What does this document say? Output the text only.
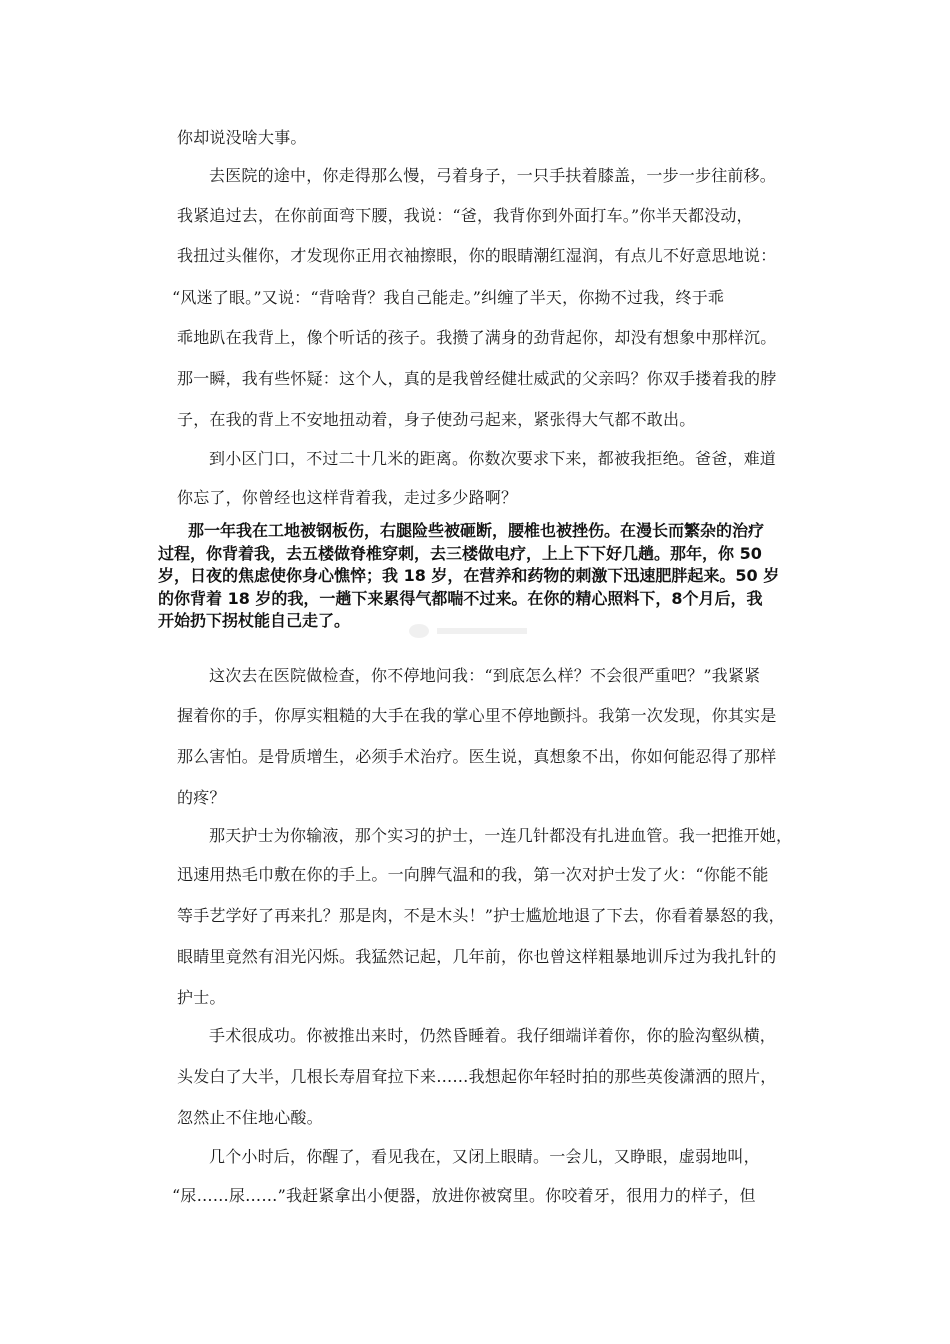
你却说没啥大事。
去医院的途中，你走得那么慢，弓着身子，一只手扶着膝盖，一步一步往前移。
我紧追过去，在你前面弯下腰，我说：“爸，我背你到外面打车。”你半天都没动，
我扭过头催你，才发现你正用衣袖擦眼，你的眼睛潮红湿润，有点儿不好意思地说：
“风迷了眼。”又说：“背啥背？我自己能走。”纠缠了半天，你拗不过我，终于乖
乖地趴在我背上，像个听话的孩子。我攒了满身的劲背起你，却没有想象中那样沉。
那一瞬，我有些怀疑：这个人，真的是我曾经健壮威武的父亲吗？你双手搂着我的脖
子，在我的背上不安地扭动着，身子使劲弓起来，紧张得大气都不敢出。
到小区门口，不过二十几米的距离。你数次要求下来，都被我拒绝。爸爸，难道
你忘了，你曾经也这样背着我，走过多少路啊？
那一年我在工地被钢板伤，右腿险些被砸断，腰椎也被挫伤。在漫长而繁杂的治疗
过程，你背着我，去五楼做脊椎穿刺，去三楼做电疗，上上下下好几趟。那年，你 50
岁，日夜的焦虑使你身心憔悴；我 18 岁，在营养和药物的刺激下迅速肥胖起来。50 岁
的你背着 18 岁的我，一趟下来累得气都喘不过来。在你的精心照料下，8个月后，我
开始扔下拐杖能自己走了。
这次去在医院做检查，你不停地问我：“到底怎么样？不会很严重吧？”我紧紧
握着你的手，你厚实粗糙的大手在我的掌心里不停地颤抖。我第一次发现，你其实是
那么害怕。是骨质增生，必须手术治疗。医生说，真想象不出，你如何能忍得了那样
的疼？
那天护士为你输液，那个实习的护士，一连几针都没有扎进血管。我一把推开她，
迅速用热毛巾敷在你的手上。一向脾气温和的我，第一次对护士发了火：“你能不能
等手艺学好了再来扎？那是肉，不是木头！”护士尴尬地退了下去，你看着暴怒的我，
眼睛里竟然有泪光闪烁。我猛然记起，几年前，你也曾这样粗暴地训斥过为我扎针的
护士。
手术很成功。你被推出来时，仍然昏睡着。我仔细端详着你，你的脸沟壑纵横，
头发白了大半，几根长寿眉耷拉下来……我想起你年轻时拍的那些英俊潇洒的照片，
忽然止不住地心酸。
几个小时后，你醒了，看见我在，又闭上眼睛。一会儿，又睁眼，虚弱地叫，
“尿……尿……”我赶紧拿出小便器，放进你被窝里。你咬着牙，很用力的样子，但
